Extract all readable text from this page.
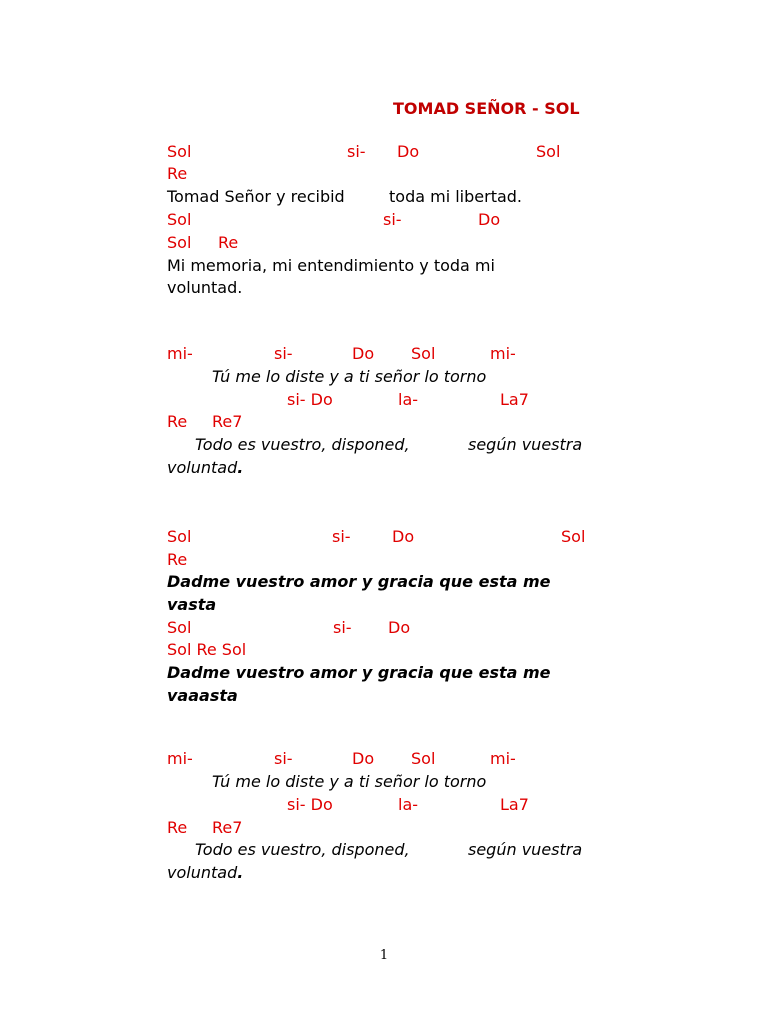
TOMAD SEÑOR - SOL
Sol	si- Do	Sol
Re
Tomad Señor y recibid	toda mi libertad.
Sol	si-	Do
Sol Re
Mi memoria, mi entendimiento y toda mi
voluntad.
mi-	si-	Do Sol	mi-
Tú me lo diste y a ti señor lo torno
si- Do	la-	La7
Re Re7
Todo es vuestro, disponed,	según vuestra
voluntad.
Sol	si-	Do	Sol
Re
Dadme vuestro amor y gracia que esta me
vasta
Sol	si- Do
Sol Re Sol
Dadme vuestro amor y gracia que esta me
vaaasta
mi-	si-	Do Sol	mi-
Tú me lo diste y a ti señor lo torno
si- Do	la-	La7
Re Re7
Todo es vuestro, disponed,	según vuestra
voluntad.
1
